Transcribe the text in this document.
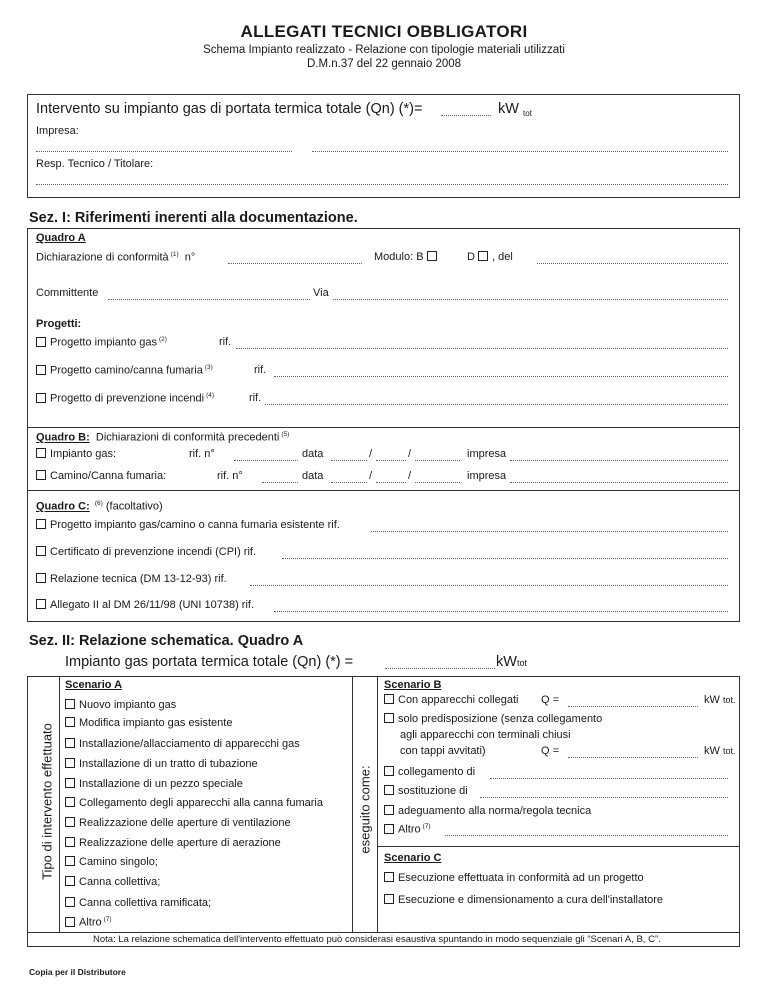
ALLEGATI TECNICI OBBLIGATORI
Schema Impianto realizzato - Relazione con tipologie materiali utilizzati
D.M.n.37 del 22 gennaio 2008
Intervento su impianto gas di portata termica totale (Qn) (*)=	kW tot
Impresa:
Resp. Tecnico / Titolare:
Sez. I: Riferimenti inerenti alla documentazione.
Quadro A
Dichiarazione di conformità $^{(1)}$ n°	Modulo: B	D , del
Committente	Via
Progetti:
Progetto impianto gas $^{(2)}$	rif.
Progetto camino/canna fumaria $^{(3)}$	rif.
Progetto di prevenzione incendi $^{(4)}$	rif.
Quadro B: Dichiarazioni di conformità precedenti $^{(5)}$
Impianto gas:	rif. n°	data	/	/	impresa
Camino/Canna fumaria:	rif. n°	data	/	/	impresa
Quadro C: $^{(6)}$ (facoltativo)
Progetto impianto gas/camino o canna fumaria esistente rif.
Certificato di prevenzione incendi (CPI) rif.
Relazione tecnica (DM 13-12-93) rif.
Allegato II al DM 26/11/98 (UNI 10738) rif.
Sez. II: Relazione schematica. Quadro A
Impianto gas portata termica totale (Qn) (*) =	kWtot
Tipo di intervento effettuato	eseguito come:
Scenario A
Nuovo impianto gas
Modifica impianto gas esistente
Installazione/allacciamento di apparecchi gas
Installazione di un tratto di tubazione
Installazione di un pezzo speciale
Collegamento degli apparecchi alla canna fumaria
Realizzazione delle aperture di ventilazione
Realizzazione delle aperture di aerazione
Camino singolo;
Canna collettiva;
Canna collettiva ramificata;
Altro $^{(7)}$
Scenario B
Con apparecchi collegati Q =	kW tot.
solo predisposizione (senza collegamento
agli apparecchi con terminali chiusi
con tappi avvitati)	Q =	kW tot.
collegamento di
sostituzione di
adeguamento alla norma/regola tecnica
Altro $^{(7)}$
Scenario C
Esecuzione effettuata in conformità ad un progetto
Esecuzione e dimensionamento a cura dell'installatore
Nota: La relazione schematica dell'intervento effettuato può considerasi esaustiva spuntando in modo sequenziale gli “Scenari A, B, C”.
Copia per il Distributore
